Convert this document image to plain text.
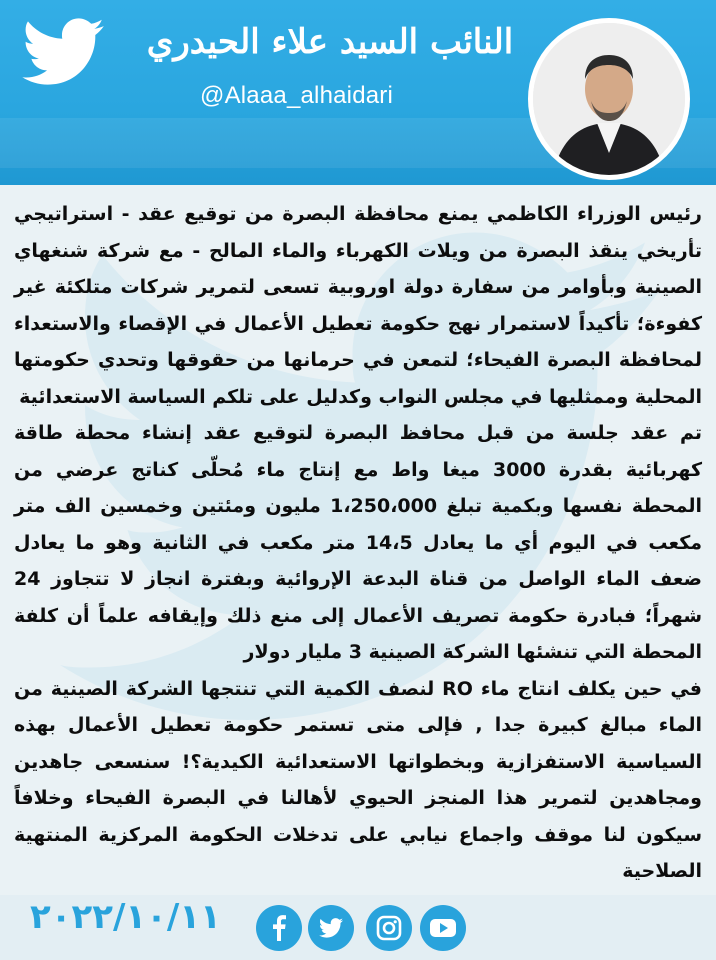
النائب السيد علاء الحيدري
@Alaaa_alhaidari

رئيس الوزراء الكاظمي يمنع محافظة البصرة من توقيع عقد - استراتيجي تأريخي ينقذ البصرة من ويلات الكهرباء والماء المالح - مع شركة شنغهاي الصينية وبأوامر من سفارة دولة اوروبية تسعى لتمرير شركات متلكئة غير كفوءة؛ تأكيداً لاستمرار نهج حكومة تعطيل الأعمال في الإقصاء والاستعداء لمحافظة البصرة الفيحاء؛ لتمعن في حرمانها من حقوقها وتحدي حكومتها المحلية وممثليها في مجلس النواب وكدليل على تلكم السياسة الاستعدائية

تم عقد جلسة من قبل محافظ البصرة لتوقيع عقد إنشاء محطة طاقة كهربائية بقدرة 3000 ميغا واط مع إنتاج ماء مُحلّى كناتج عرضي من المحطة نفسها وبكمية تبلغ 1،250،000 مليون ومئتين وخمسين الف متر مكعب في اليوم أي ما يعادل 14،5 متر مكعب في الثانية وهو ما يعادل ضعف الماء الواصل من قناة البدعة الإروائية وبفترة انجاز لا تتجاوز 24 شهراً؛ فبادرة حكومة تصريف الأعمال إلى منع ذلك وإيقافه علماً أن كلفة المحطة التي تنشئها الشركة الصينية 3 مليار دولار

في حين يكلف انتاج ماء RO لنصف الكمية التي تنتجها الشركة الصينية من الماء مبالغ كبيرة جدا , فإلى متى تستمر حكومة تعطيل الأعمال بهذه السياسية الاستفزازية وبخطواتها الاستعدائية الكيدية؟! سنسعى جاهدين ومجاهدين لتمرير هذا المنجز الحيوي لأهالنا في البصرة الفيحاء وخلافاً سيكون لنا موقف واجماع نيابي على تدخلات الحكومة المركزية المنتهية الصلاحية

٢٠٢٢/١٠/١١
